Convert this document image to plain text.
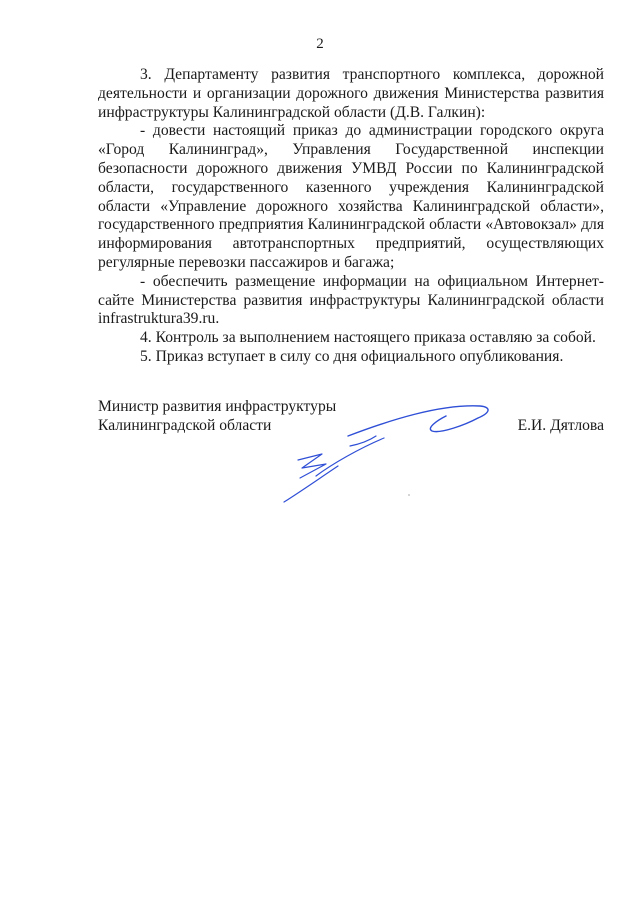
2

3. Департаменту развития транспортного комплекса, дорожной деятельности и организации дорожного движения Министерства развития инфраструктуры Калининградской области (Д.В. Галкин):

- довести настоящий приказ до администрации городского округа «Город Калининград», Управления Государственной инспекции безопасности дорожного движения УМВД России по Калининградской области, государственного казенного учреждения Калининградской области «Управление дорожного хозяйства Калининградской области», государственного предприятия Калининградской области «Автовокзал» для информирования автотранспортных предприятий, осуществляющих регулярные перевозки пассажиров и багажа;

- обеспечить размещение информации на официальном Интернет-сайте Министерства развития инфраструктуры Калининградской области infrastruktura39.ru.

4. Контроль за выполнением настоящего приказа оставляю за собой.

5. Приказ вступает в силу со дня официального опубликования.

Министр развития инфраструктуры
Калининградской области	Е.И. Дятлова
